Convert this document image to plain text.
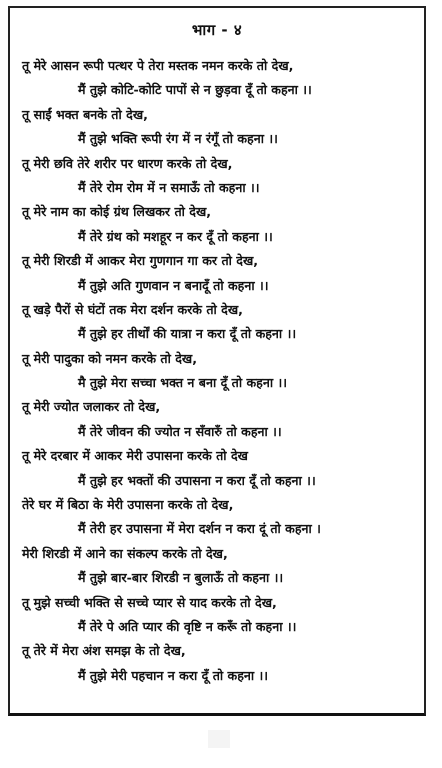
भाग - ४
तू मेरे आसन रूपी पत्थर पे तेरा मस्तक नमन करके तो देख,
मैं तुझे कोटि-कोटि पापों से न छुड़वा दूँ तो कहना ।।
तू साईं भक्त बनके तो देख,
मैं तुझे भक्ति रूपी रंग में न रंगूँ तो कहना ।।
तू मेरी छवि तेरे शरीर पर धारण करके तो देख,
मैं तेरे रोम रोम में न समाऊँ तो कहना ।।
तू मेरे नाम का कोई ग्रंथ लिखकर तो देख,
मैं तेरे ग्रंथ को मशहूर न कर दूँ तो कहना ।।
तू मेरी शिरडी में आकर मेरा गुणगान गा कर तो देख,
मैं तुझे अति गुणवान न बनादूँ तो कहना ।।
तू खड़े पैरों से घंटों तक मेरा दर्शन करके तो देख,
मैं तुझे हर तीर्थों की यात्रा न करा दूँ तो कहना ।।
तू मेरी पादुका को नमन करके तो देख,
मै तुझे मेरा सच्चा भक्त न बना दूँ तो कहना ।।
तू मेरी ज्योत जलाकर तो देख,
मैं तेरे जीवन की ज्योत न सँवारुँ तो कहना ।।
तू मेरे दरबार में आकर मेरी उपासना करके तो देख
मैं तुझे हर भक्तों की उपासना न करा दूँ तो कहना ।।
तेरे घर में बिठा के मेरी उपासना करके तो देख,
मैं तेरी हर उपासना में मेरा दर्शन न करा दूं तो कहना ।
मेरी शिरडी में आने का संकल्प करके तो देख,
मैं तुझे बार-बार शिरडी न बुलाऊँ तो कहना ।।
तू मुझे सच्ची भक्ति से सच्चे प्यार से याद करके तो देख,
मैं तेरे पे अति प्यार की वृष्टि न करूँ तो कहना ।।
तू तेरे में मेरा अंश समझ के तो देख,
मैं तुझे मेरी पहचान न करा दूँ तो कहना ।।
